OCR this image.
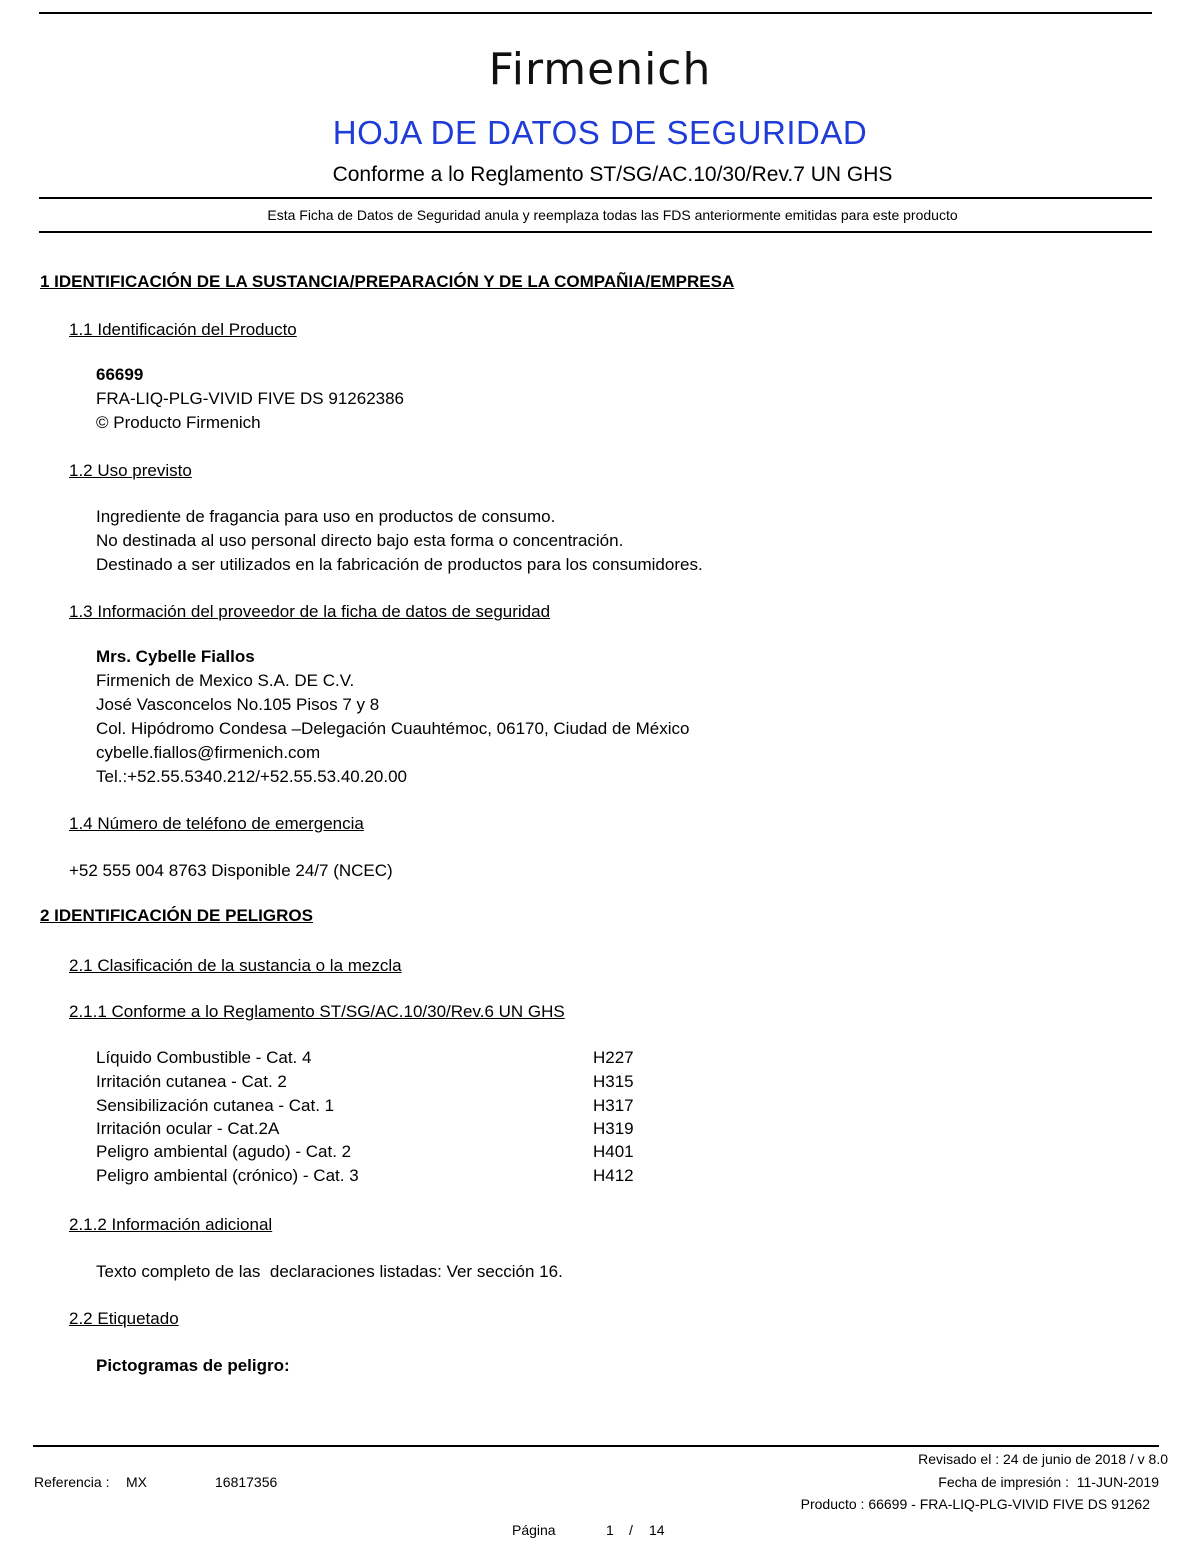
Firmenich
HOJA DE DATOS DE SEGURIDAD
Conforme a lo Reglamento ST/SG/AC.10/30/Rev.7 UN GHS
Esta Ficha de Datos de Seguridad anula y reemplaza todas las FDS anteriormente emitidas para este producto
1 IDENTIFICACIÓN DE LA SUSTANCIA/PREPARACIÓN Y DE LA COMPAÑIA/EMPRESA
1.1 Identificación del Producto
66699
FRA-LIQ-PLG-VIVID FIVE DS 91262386
© Producto Firmenich
1.2 Uso previsto
Ingrediente de fragancia para uso en productos de consumo.
No destinada al uso personal directo bajo esta forma o concentración.
Destinado a ser utilizados en la fabricación de productos para los consumidores.
1.3 Información del proveedor de la ficha de datos de seguridad
Mrs. Cybelle Fiallos
Firmenich de Mexico S.A. DE C.V.
José Vasconcelos No.105 Pisos 7 y 8
Col. Hipódromo Condesa –Delegación Cuauhtémoc, 06170, Ciudad de México
cybelle.fiallos@firmenich.com
Tel.:+52.55.5340.212/+52.55.53.40.20.00
1.4 Número de teléfono de emergencia
+52 555 004 8763 Disponible 24/7 (NCEC)
2 IDENTIFICACIÓN DE PELIGROS
2.1 Clasificación de la sustancia o la mezcla
2.1.1 Conforme a lo Reglamento ST/SG/AC.10/30/Rev.6 UN GHS
Líquido Combustible - Cat. 4	H227
Irritación cutanea - Cat. 2	H315
Sensibilización cutanea - Cat. 1	H317
Irritación ocular - Cat.2A	H319
Peligro ambiental (agudo) - Cat. 2	H401
Peligro ambiental (crónico) - Cat. 3	H412
2.1.2 Información adicional
Texto completo de las  declaraciones listadas: Ver sección 16.
2.2 Etiquetado
Pictogramas de peligro:
Revisado el : 24 de junio de 2018 / v 8.0
Referencia : MX	16817356	Fecha de impresión :  11-JUN-2019
Producto : 66699 - FRA-LIQ-PLG-VIVID FIVE DS 91262
Página	1 / 14
